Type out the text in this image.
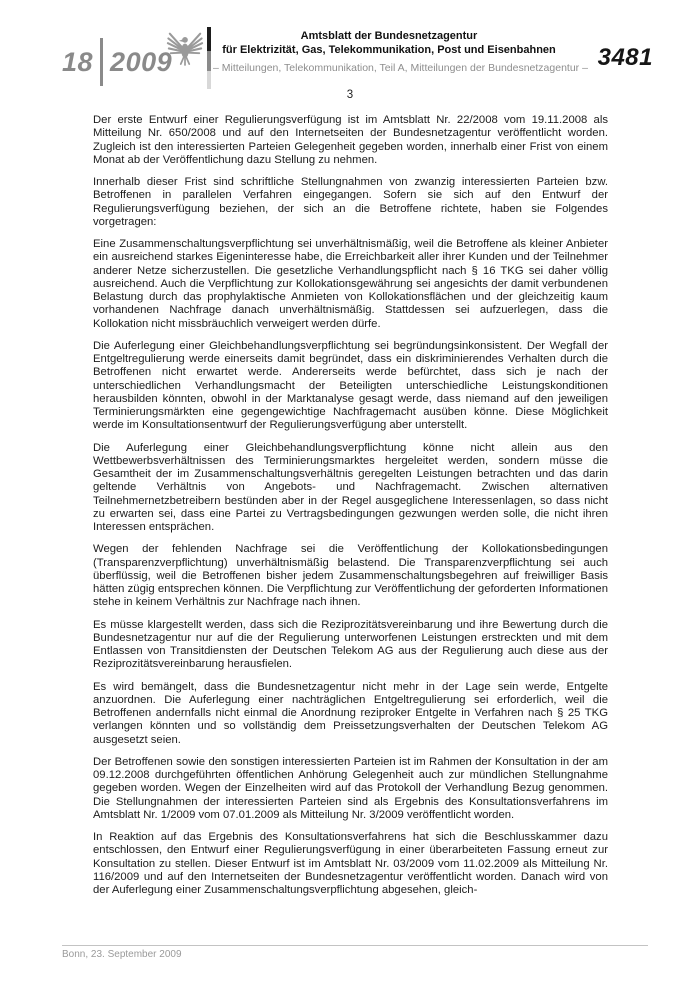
18 2009
Amtsblatt der Bundesnetzagentur
für Elektrizität, Gas, Telekommunikation, Post und Eisenbahnen
– Mitteilungen, Telekommunikation, Teil A, Mitteilungen der Bundesnetzagentur – 3481
3

Der erste Entwurf einer Regulierungsverfügung ist im Amtsblatt Nr. 22/2008 vom 19.11.2008 als Mitteilung Nr. 650/2008 und auf den Internetseiten der Bundesnetzagentur veröffentlicht worden. Zugleich ist den interessierten Parteien Gelegenheit gegeben worden, innerhalb einer Frist von einem Monat ab der Veröffentlichung dazu Stellung zu nehmen.

Innerhalb dieser Frist sind schriftliche Stellungnahmen von zwanzig interessierten Parteien bzw. Betroffenen in parallelen Verfahren eingegangen. Sofern sie sich auf den Entwurf der Regulierungsverfügung beziehen, der sich an die Betroffene richtete, haben sie Folgendes vorgetragen:

Eine Zusammenschaltungsverpflichtung sei unverhältnismäßig, weil die Betroffene als kleiner Anbieter ein ausreichend starkes Eigeninteresse habe, die Erreichbarkeit aller ihrer Kunden und der Teilnehmer anderer Netze sicherzustellen. Die gesetzliche Verhandlungspflicht nach § 16 TKG sei daher völlig ausreichend. Auch die Verpflichtung zur Kollokationsgewährung sei angesichts der damit verbundenen Belastung durch das prophylaktische Anmieten von Kollokationsflächen und der gleichzeitig kaum vorhandenen Nachfrage danach unverhältnismäßig. Stattdessen sei aufzuerlegen, dass die Kollokation nicht missbräuchlich verweigert werden dürfe.

Die Auferlegung einer Gleichbehandlungsverpflichtung sei begründungsinkonsistent. Der Wegfall der Entgeltregulierung werde einerseits damit begründet, dass ein diskriminierendes Verhalten durch die Betroffenen nicht erwartet werde. Andererseits werde befürchtet, dass sich je nach der unterschiedlichen Verhandlungsmacht der Beteiligten unterschiedliche Leistungskonditionen herausbilden könnten, obwohl in der Marktanalyse gesagt werde, dass niemand auf den jeweiligen Terminierungsmärkten eine gegengewichtige Nachfragemacht ausüben könne. Diese Möglichkeit werde im Konsultationsentwurf der Regulierungsverfügung aber unterstellt.

Die Auferlegung einer Gleichbehandlungsverpflichtung könne nicht allein aus den Wettbewerbsverhältnissen des Terminierungsmarktes hergeleitet werden, sondern müsse die Gesamtheit der im Zusammenschaltungsverhältnis geregelten Leistungen betrachten und das darin geltende Verhältnis von Angebots- und Nachfragemacht. Zwischen alternativen Teilnehmernetzbetreibern bestünden aber in der Regel ausgeglichene Interessenlagen, so dass nicht zu erwarten sei, dass eine Partei zu Vertragsbedingungen gezwungen werden solle, die nicht ihren Interessen entsprächen.

Wegen der fehlenden Nachfrage sei die Veröffentlichung der Kollokationsbedingungen (Transparenzverpflichtung) unverhältnismäßig belastend. Die Transparenzverpflichtung sei auch überflüssig, weil die Betroffenen bisher jedem Zusammenschaltungsbegehren auf freiwilliger Basis hätten zügig entsprechen können. Die Verpflichtung zur Veröffentlichung der geforderten Informationen stehe in keinem Verhältnis zur Nachfrage nach ihnen.

Es müsse klargestellt werden, dass sich die Reziprozitätsvereinbarung und ihre Bewertung durch die Bundesnetzagentur nur auf die der Regulierung unterworfenen Leistungen erstreckten und mit dem Entlassen von Transitdiensten der Deutschen Telekom AG aus der Regulierung auch diese aus der Reziprozitätsvereinbarung herausfielen.

Es wird bemängelt, dass die Bundesnetzagentur nicht mehr in der Lage sein werde, Entgelte anzuordnen. Die Auferlegung einer nachträglichen Entgeltregulierung sei erforderlich, weil die Betroffenen andernfalls nicht einmal die Anordnung reziproker Entgelte in Verfahren nach § 25 TKG verlangen könnten und so vollständig dem Preissetzungsverhalten der Deutschen Telekom AG ausgesetzt seien.

Der Betroffenen sowie den sonstigen interessierten Parteien ist im Rahmen der Konsultation in der am 09.12.2008 durchgeführten öffentlichen Anhörung Gelegenheit auch zur mündlichen Stellungnahme gegeben worden. Wegen der Einzelheiten wird auf das Protokoll der Verhandlung Bezug genommen. Die Stellungnahmen der interessierten Parteien sind als Ergebnis des Konsultationsverfahrens im Amtsblatt Nr. 1/2009 vom 07.01.2009 als Mitteilung Nr. 3/2009 veröffentlicht worden.

In Reaktion auf das Ergebnis des Konsultationsverfahrens hat sich die Beschlusskammer dazu entschlossen, den Entwurf einer Regulierungsverfügung in einer überarbeiteten Fassung erneut zur Konsultation zu stellen. Dieser Entwurf ist im Amtsblatt Nr. 03/2009 vom 11.02.2009 als Mitteilung Nr. 116/2009 und auf den Internetseiten der Bundesnetzagentur veröffentlicht worden. Danach wird von der Auferlegung einer Zusammenschaltungsverpflichtung abgesehen, gleich-

Bonn, 23. September 2009
